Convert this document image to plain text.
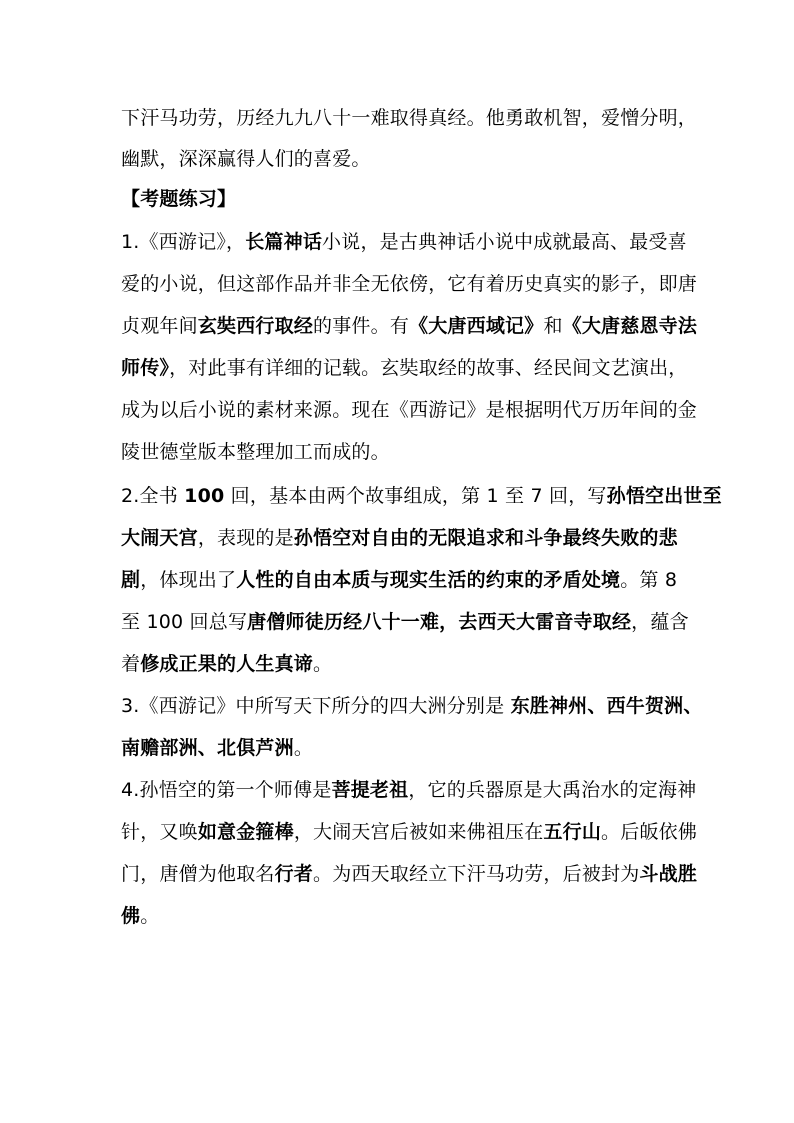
下汗马功劳，历经九九八十一难取得真经。他勇敢机智，爱憎分明，
幽默，深深赢得人们的喜爱。
【考题练习】
1.《西游记》，长篇神话小说，是古典神话小说中成就最高、最受喜
爱的小说，但这部作品并非全无依傍，它有着历史真实的影子，即唐
贞观年间玄奘西行取经的事件。有《大唐西域记》和《大唐慈恩寺法
师传》，对此事有详细的记载。玄奘取经的故事、经民间文艺演出，
成为以后小说的素材来源。现在《西游记》是根据明代万历年间的金
陵世德堂版本整理加工而成的。
2.全书 100 回，基本由两个故事组成，第 1 至 7 回，写孙悟空出世至
大闹天宫，表现的是孙悟空对自由的无限追求和斗争最终失败的悲
剧，体现出了人性的自由本质与现实生活的约束的矛盾处境。第 8
至 100 回总写唐僧师徒历经八十一难，去西天大雷音寺取经，蕴含
着修成正果的人生真谛。
3.《西游记》中所写天下所分的四大洲分别是 东胜神州、西牛贺洲、
南赡部洲、北俱芦洲。
4.孙悟空的第一个师傅是菩提老祖，它的兵器原是大禹治水的定海神
针，又唤如意金箍棒，大闹天宫后被如来佛祖压在五行山。后皈依佛
门，唐僧为他取名行者。为西天取经立下汗马功劳，后被封为斗战胜
佛。
